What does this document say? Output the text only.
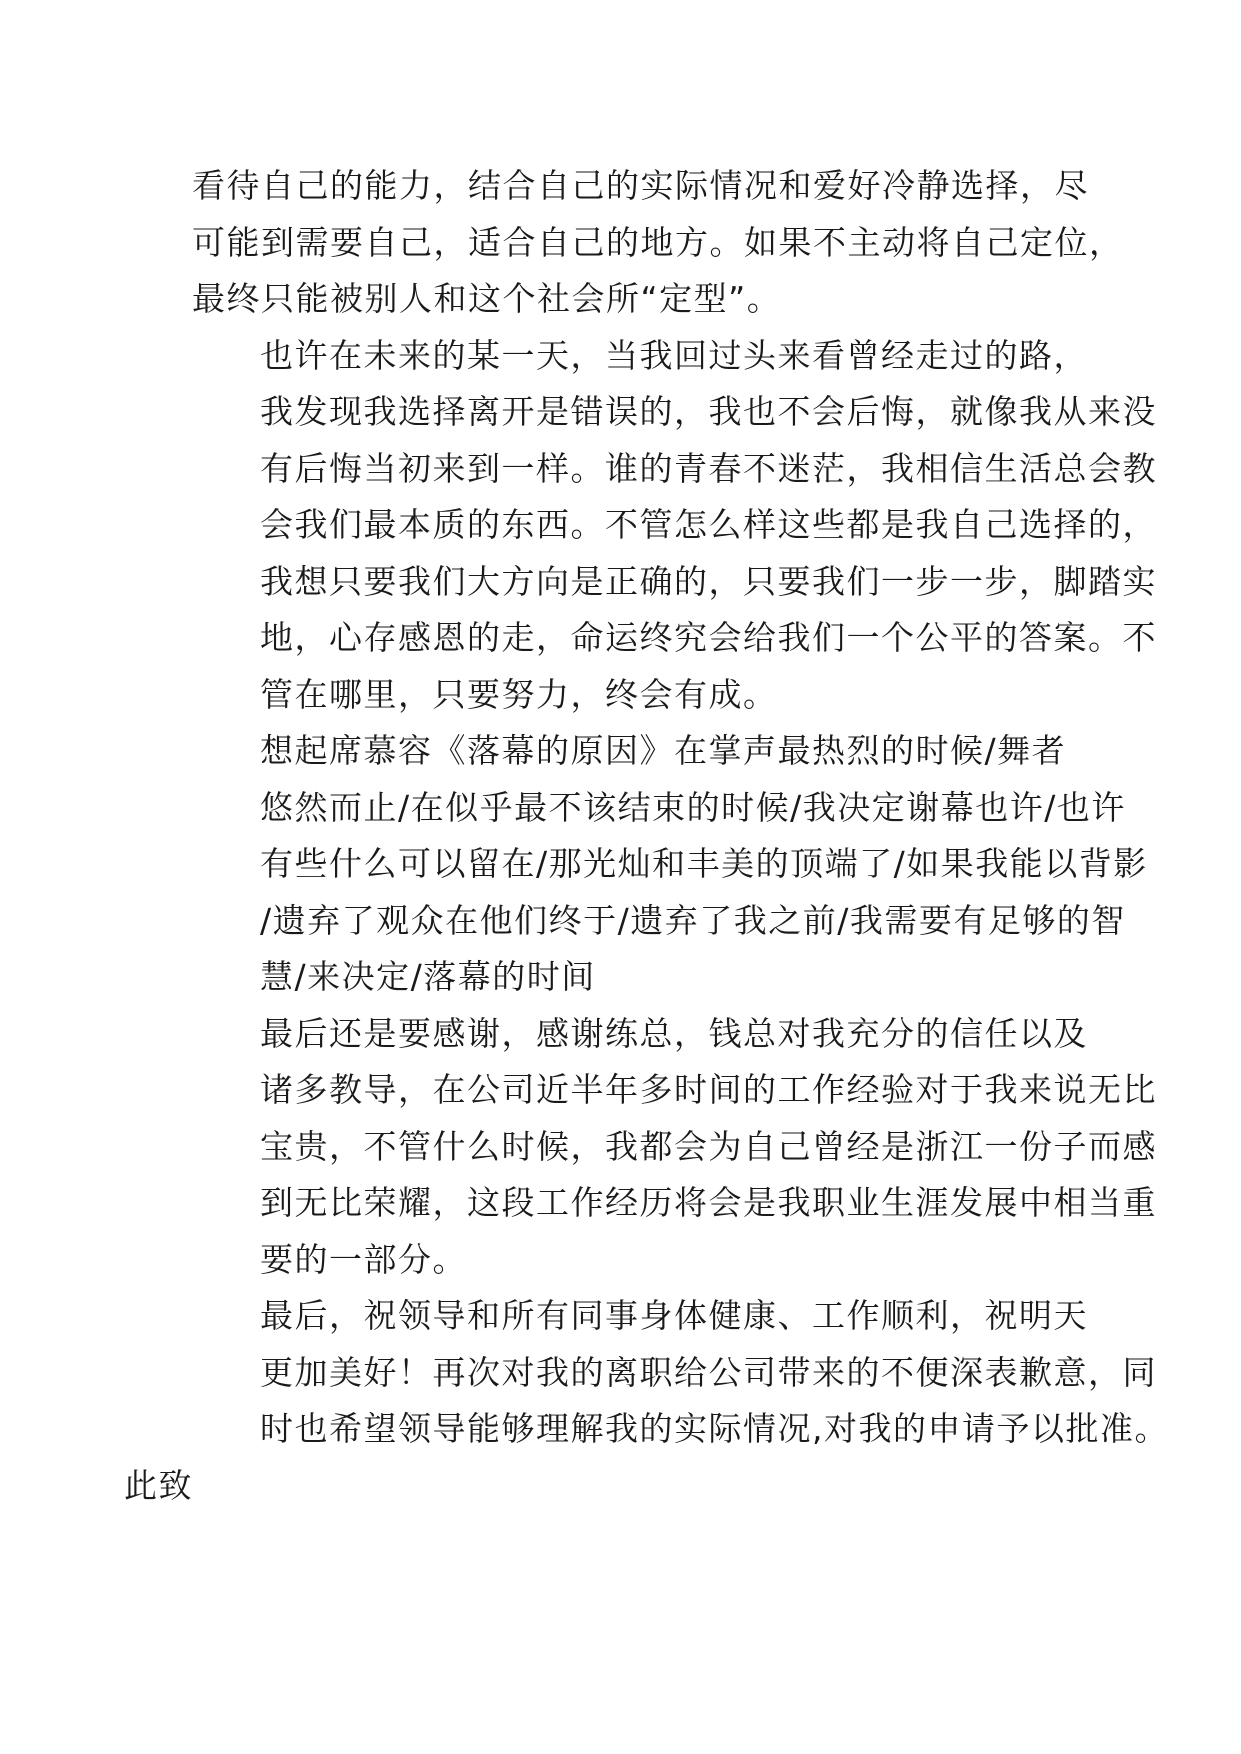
看待自己的能力，结合自己的实际情况和爱好冷静选择，尽
可能到需要自己，适合自己的地方。如果不主动将自己定位，
最终只能被别人和这个社会所“定型”。

也许在未来的某一天，当我回过头来看曾经走过的路，
我发现我选择离开是错误的，我也不会后悔，就像我从来没
有后悔当初来到一样。谁的青春不迷茫，我相信生活总会教
会我们最本质的东西。不管怎么样这些都是我自己选择的，
我想只要我们大方向是正确的，只要我们一步一步，脚踏实
地，心存感恩的走，命运终究会给我们一个公平的答案。不
管在哪里，只要努力，终会有成。

想起席慕容《落幕的原因》在掌声最热烈的时候/舞者
悠然而止/在似乎最不该结束的时候/我决定谢幕也许/也许
有些什么可以留在/那光灿和丰美的顶端了/如果我能以背影
/遗弃了观众在他们终于/遗弃了我之前/我需要有足够的智
慧/来决定/落幕的时间

最后还是要感谢，感谢练总，钱总对我充分的信任以及
诸多教导，在公司近半年多时间的工作经验对于我来说无比
宝贵，不管什么时候，我都会为自己曾经是浙江一份子而感
到无比荣耀，这段工作经历将会是我职业生涯发展中相当重
要的一部分。

最后，祝领导和所有同事身体健康、工作顺利，祝明天
更加美好！再次对我的离职给公司带来的不便深表歉意，同
时也希望领导能够理解我的实际情况,对我的申请予以批准。
此致
